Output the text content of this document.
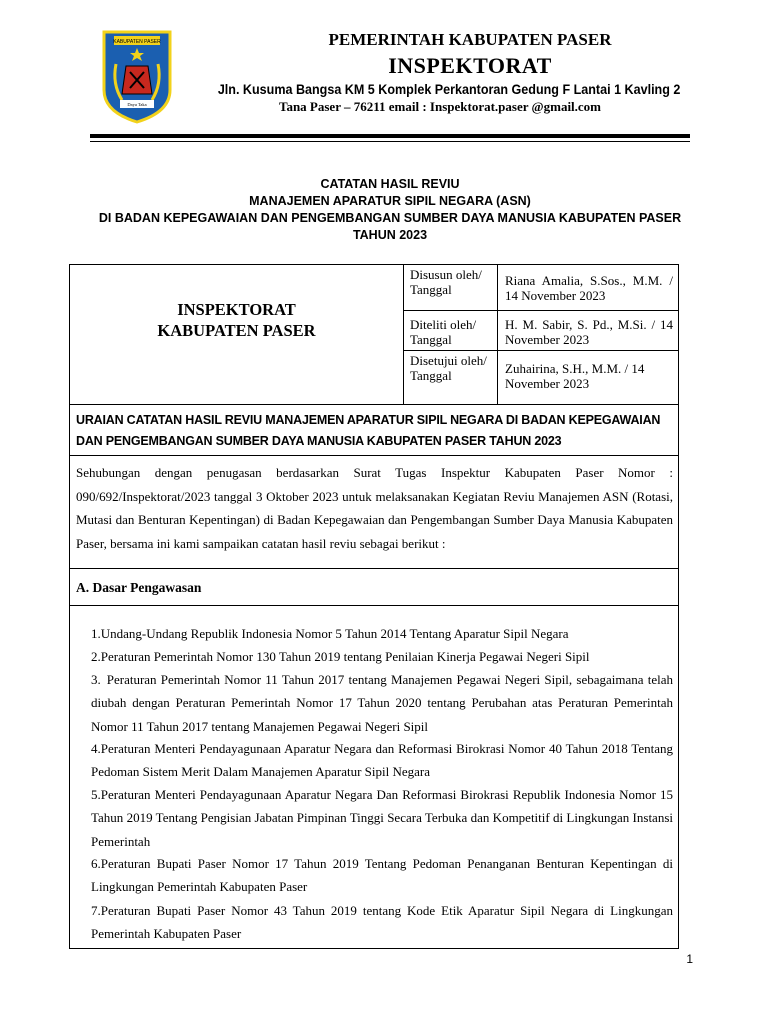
KABUPATEN PASER
Daya Taka
PEMERINTAH KABUPATEN PASER
INSPEKTORAT
Jln. Kusuma Bangsa KM 5 Komplek Perkantoran Gedung F Lantai 1 Kavling 2
Tana Paser – 76211 email : Inspektorat.paser @gmail.com
CATATAN HASIL REVIU
MANAJEMEN APARATUR SIPIL NEGARA (ASN)
DI BADAN KEPEGAWAIAN DAN PENGEMBANGAN SUMBER DAYA MANUSIA KABUPATEN PASER
TAHUN 2023
INSPEKTORAT
KABUPATEN PASER
Disusun oleh/ Tanggal
Riana Amalia, S.Sos., M.M. / 14 November 2023
Diteliti oleh/ Tanggal
H. M. Sabir, S. Pd., M.Si. / 14 November 2023
Disetujui oleh/ Tanggal	Zuhairina, S.H., M.M. / 14 November 2023
URAIAN CATATAN HASIL REVIU MANAJEMEN APARATUR SIPIL NEGARA DI BADAN KEPEGAWAIAN
DAN PENGEMBANGAN SUMBER DAYA MANUSIA KABUPATEN PASER TAHUN 2023
Sehubungan dengan penugasan berdasarkan Surat Tugas Inspektur Kabupaten Paser Nomor : 090/692/Inspektorat/2023 tanggal 3 Oktober 2023 untuk melaksanakan Kegiatan Reviu Manajemen ASN (Rotasi, Mutasi dan Benturan Kepentingan) di Badan Kepegawaian dan Pengembangan Sumber Daya Manusia Kabupaten Paser, bersama ini kami sampaikan catatan hasil reviu sebagai berikut :
A. Dasar Pengawasan
1.Undang-Undang Republik Indonesia Nomor 5 Tahun 2014 Tentang Aparatur Sipil Negara
2.Peraturan Pemerintah Nomor 130 Tahun 2019 tentang Penilaian Kinerja Pegawai Negeri Sipil
3. Peraturan Pemerintah Nomor 11 Tahun 2017 tentang Manajemen Pegawai Negeri Sipil, sebagaimana telah diubah dengan Peraturan Pemerintah Nomor 17 Tahun 2020 tentang Perubahan atas Peraturan Pemerintah Nomor 11 Tahun 2017 tentang Manajemen Pegawai Negeri Sipil
4.Peraturan Menteri Pendayagunaan Aparatur Negara dan Reformasi Birokrasi Nomor 40 Tahun 2018 Tentang Pedoman Sistem Merit Dalam Manajemen Aparatur Sipil Negara
5.Peraturan Menteri Pendayagunaan Aparatur Negara Dan Reformasi Birokrasi Republik Indonesia Nomor 15 Tahun 2019 Tentang Pengisian Jabatan Pimpinan Tinggi Secara Terbuka dan Kompetitif di Lingkungan Instansi Pemerintah
6.Peraturan Bupati Paser Nomor 17 Tahun 2019 Tentang Pedoman Penanganan Benturan Kepentingan di Lingkungan Pemerintah Kabupaten Paser
7.Peraturan Bupati Paser Nomor 43 Tahun 2019 tentang Kode Etik Aparatur Sipil Negara di Lingkungan Pemerintah Kabupaten Paser
1
